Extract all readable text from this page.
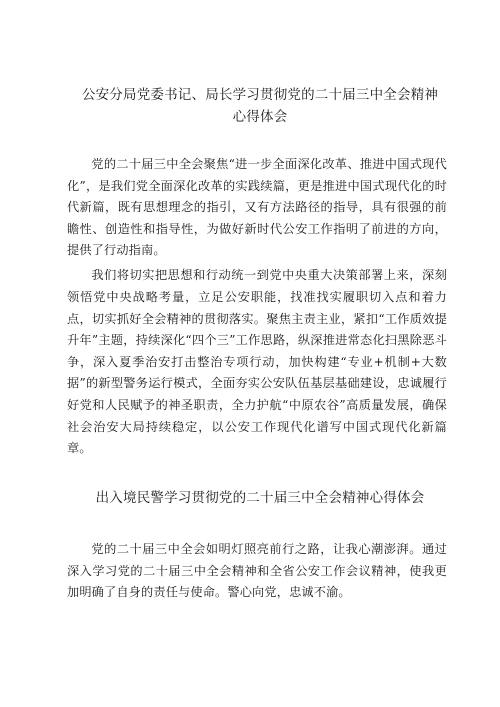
公安分局党委书记、局长学习贯彻党的二十届三中全会精神心得体会

党的二十届三中全会聚焦“进一步全面深化改革、推进中国式现代化”，是我们党全面深化改革的实践续篇，更是推进中国式现代化的时代新篇，既有思想理念的指引，又有方法路径的指导，具有很强的前瞻性、创造性和指导性，为做好新时代公安工作指明了前进的方向，提供了行动指南。

我们将切实把思想和行动统一到党中央重大决策部署上来，深刻领悟党中央战略考量，立足公安职能，找准找实履职切入点和着力点，切实抓好全会精神的贯彻落实。聚焦主责主业，紧扣“工作质效提升年”主题，持续深化“四个三”工作思路，纵深推进常态化扫黑除恶斗争，深入夏季治安打击整治专项行动，加快构建“专业+机制+大数据”的新型警务运行模式，全面夯实公安队伍基层基础建设，忠诚履行好党和人民赋予的神圣职责，全力护航“中原农谷”高质量发展，确保社会治安大局持续稳定，以公安工作现代化谱写中国式现代化新篇章。

出入境民警学习贯彻党的二十届三中全会精神心得体会

党的二十届三中全会如明灯照亮前行之路，让我心潮澎湃。通过深入学习党的二十届三中全会精神和全省公安工作会议精神，使我更加明确了自身的责任与使命。警心向党，忠诚不渝。
